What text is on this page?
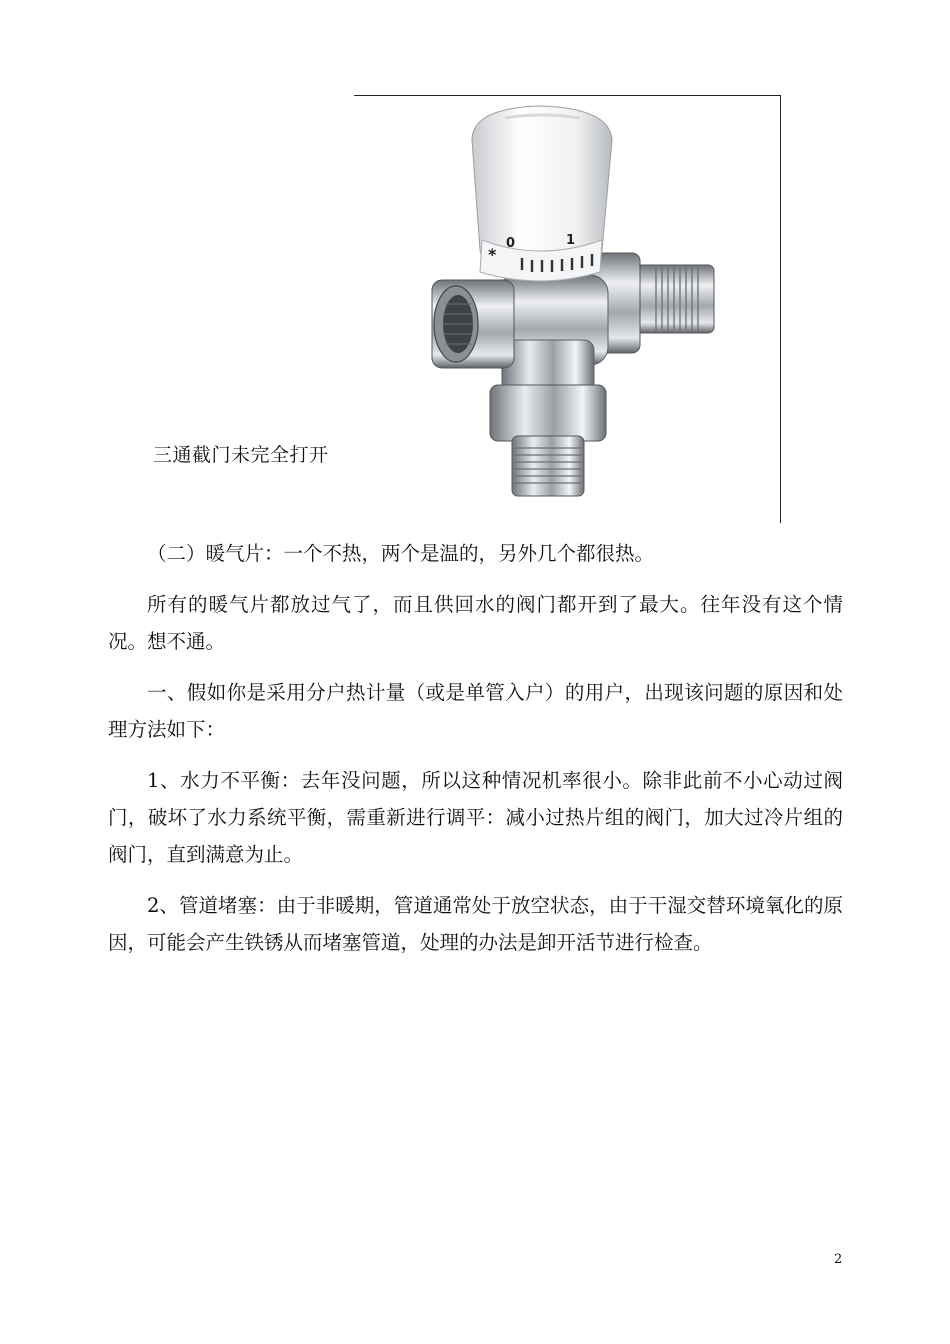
*
0	1
三通截门未完全打开

（二）暖气片：一个不热，两个是温的，另外几个都很热。

所有的暖气片都放过气了，而且供回水的阀门都开到了最大。往年没有这个情况。想不通。

一、假如你是采用分户热计量（或是单管入户）的用户，出现该问题的原因和处理方法如下：

1、水力不平衡：去年没问题，所以这种情况机率很小。除非此前不小心动过阀门，破坏了水力系统平衡，需重新进行调平：减小过热片组的阀门，加大过冷片组的阀门，直到满意为止。

2、管道堵塞：由于非暖期，管道通常处于放空状态，由于干湿交替环境氧化的原因，可能会产生铁锈从而堵塞管道，处理的办法是卸开活节进行检查。

2
